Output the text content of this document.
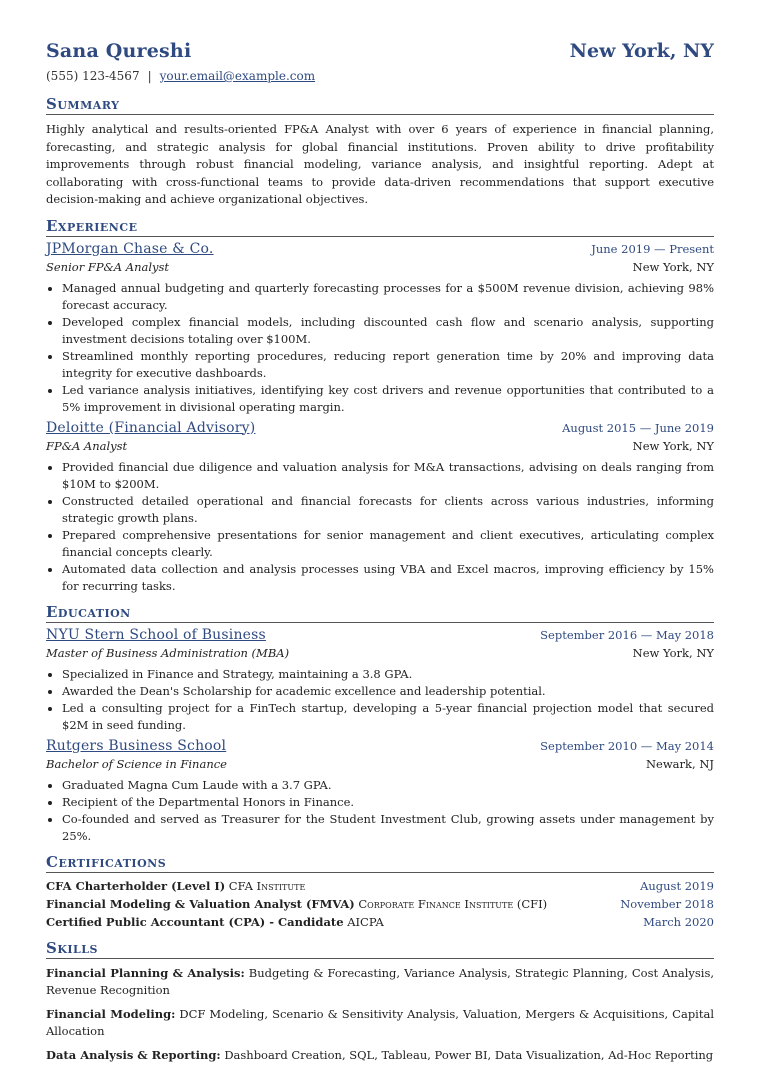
Sana Qureshi	New York, NY
(555) 123-4567 | your.email@example.com
Summary
Highly analytical and results-oriented FP&A Analyst with over 6 years of experience in financial planning, forecasting, and strategic analysis for global financial institutions. Proven ability to drive profitability improvements through robust financial modeling, variance analysis, and insightful reporting. Adept at collaborating with cross-functional teams to provide data-driven recommendations that support executive decision-making and achieve organizational objectives.
Experience
JPMorgan Chase & Co.	June 2019 — Present
Senior FP&A Analyst	New York, NY
• Managed annual budgeting and quarterly forecasting processes for a $500M revenue division, achieving 98% forecast accuracy.
• Developed complex financial models, including discounted cash flow and scenario analysis, supporting investment decisions totaling over $100M.
• Streamlined monthly reporting procedures, reducing report generation time by 20% and improving data integrity for executive dashboards.
• Led variance analysis initiatives, identifying key cost drivers and revenue opportunities that contributed to a 5% improvement in divisional operating margin.
Deloitte (Financial Advisory)	August 2015 — June 2019
FP&A Analyst	New York, NY
• Provided financial due diligence and valuation analysis for M&A transactions, advising on deals ranging from $10M to $200M.
• Constructed detailed operational and financial forecasts for clients across various industries, informing strategic growth plans.
• Prepared comprehensive presentations for senior management and client executives, articulating complex financial concepts clearly.
• Automated data collection and analysis processes using VBA and Excel macros, improving efficiency by 15% for recurring tasks.
Education
NYU Stern School of Business	September 2016 — May 2018
Master of Business Administration (MBA)	New York, NY
• Specialized in Finance and Strategy, maintaining a 3.8 GPA.
• Awarded the Dean's Scholarship for academic excellence and leadership potential.
• Led a consulting project for a FinTech startup, developing a 5-year financial projection model that secured $2M in seed funding.
Rutgers Business School	September 2010 — May 2014
Bachelor of Science in Finance	Newark, NJ
• Graduated Magna Cum Laude with a 3.7 GPA.
• Recipient of the Departmental Honors in Finance.
• Co-founded and served as Treasurer for the Student Investment Club, growing assets under management by 25%.
Certifications
CFA Charterholder (Level I) CFA Institute	August 2019
Financial Modeling & Valuation Analyst (FMVA) Corporate Finance Institute (CFI)	November 2018
Certified Public Accountant (CPA) - Candidate AICPA	March 2020
Skills
Financial Planning & Analysis: Budgeting & Forecasting, Variance Analysis, Strategic Planning, Cost Analysis, Revenue Recognition
Financial Modeling: DCF Modeling, Scenario & Sensitivity Analysis, Valuation, Mergers & Acquisitions, Capital Allocation
Data Analysis & Reporting: Dashboard Creation, SQL, Tableau, Power BI, Data Visualization, Ad-Hoc Reporting
